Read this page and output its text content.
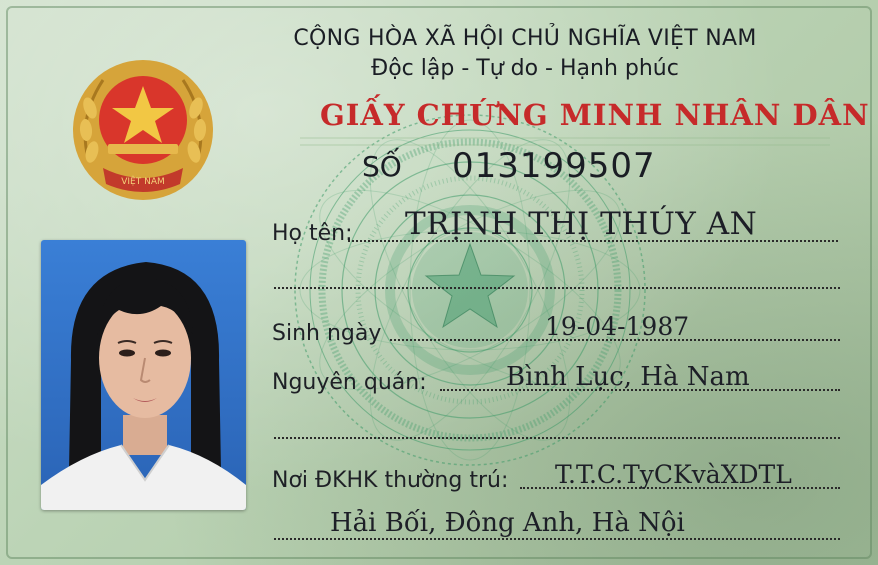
VIỆT NAM
CỘNG HÒA XÃ HỘI CHỦ NGHĨA VIỆT NAM
Độc lập - Tự do - Hạnh phúc
GIẤY CHỨNG MINH NHÂN DÂN
SỐ 013199507
Họ tên: TRỊNH THỊ THÚY AN
Sinh ngày	19-04-1987
Nguyên quán:	Bình Lục, Hà Nam
Nơi ĐKHK thường trú: T.T.C.TyCKvàXDTL
Hải Bối, Đông Anh, Hà Nội
